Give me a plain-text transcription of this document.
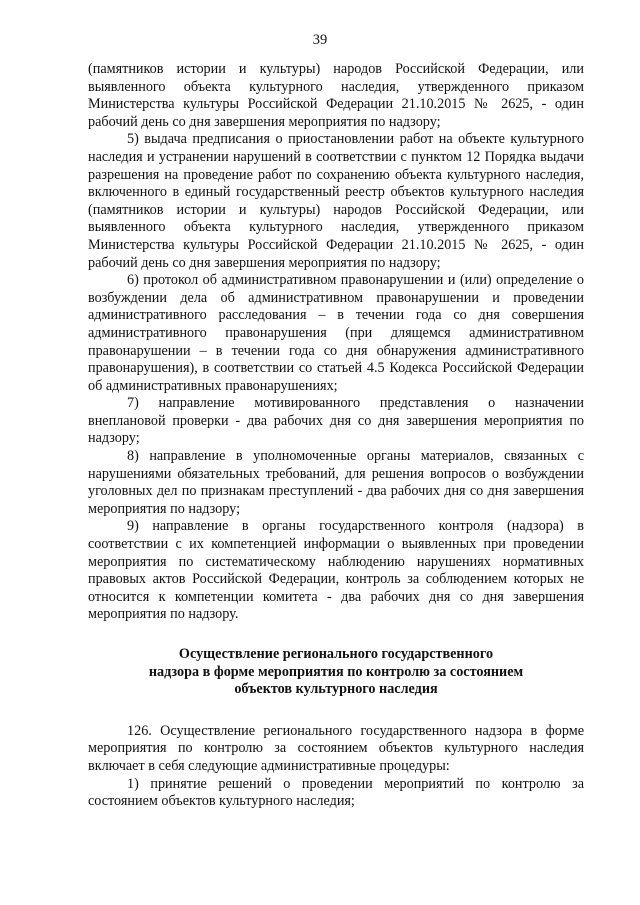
39

(памятников истории и культуры) народов Российской Федерации, или выявленного объекта культурного наследия, утвержденного приказом Министерства культуры Российской Федерации 21.10.2015 № 2625, - один рабочий день со дня завершения мероприятия по надзору;

5) выдача предписания о приостановлении работ на объекте культурного наследия и устранении нарушений в соответствии с пунктом 12 Порядка выдачи разрешения на проведение работ по сохранению объекта культурного наследия, включенного в единый государственный реестр объектов культурного наследия (памятников истории и культуры) народов Российской Федерации, или выявленного объекта культурного наследия, утвержденного приказом Министерства культуры Российской Федерации 21.10.2015 № 2625, - один рабочий день со дня завершения мероприятия по надзору;

6) протокол об административном правонарушении и (или) определение о возбуждении дела об административном правонарушении и проведении административного расследования – в течении года со дня совершения административного правонарушения (при длящемся административном правонарушении – в течении года со дня обнаружения административного правонарушения), в соответствии со статьей 4.5 Кодекса Российской Федерации об административных правонарушениях;

7) направление мотивированного представления о назначении внеплановой проверки - два рабочих дня со дня завершения мероприятия по надзору;

8) направление в уполномоченные органы материалов, связанных с нарушениями обязательных требований, для решения вопросов о возбуждении уголовных дел по признакам преступлений - два рабочих дня со дня завершения мероприятия по надзору;

9) направление в органы государственного контроля (надзора) в соответствии с их компетенцией информации о выявленных при проведении мероприятия по систематическому наблюдению нарушениях нормативных правовых актов Российской Федерации, контроль за соблюдением которых не относится к компетенции комитета - два рабочих дня со дня завершения мероприятия по надзору.

Осуществление регионального государственного
надзора в форме мероприятия по контролю за состоянием
объектов культурного наследия

126. Осуществление регионального государственного надзора в форме мероприятия по контролю за состоянием объектов культурного наследия включает в себя следующие административные процедуры:

1) принятие решений о проведении мероприятий по контролю за состоянием объектов культурного наследия;
